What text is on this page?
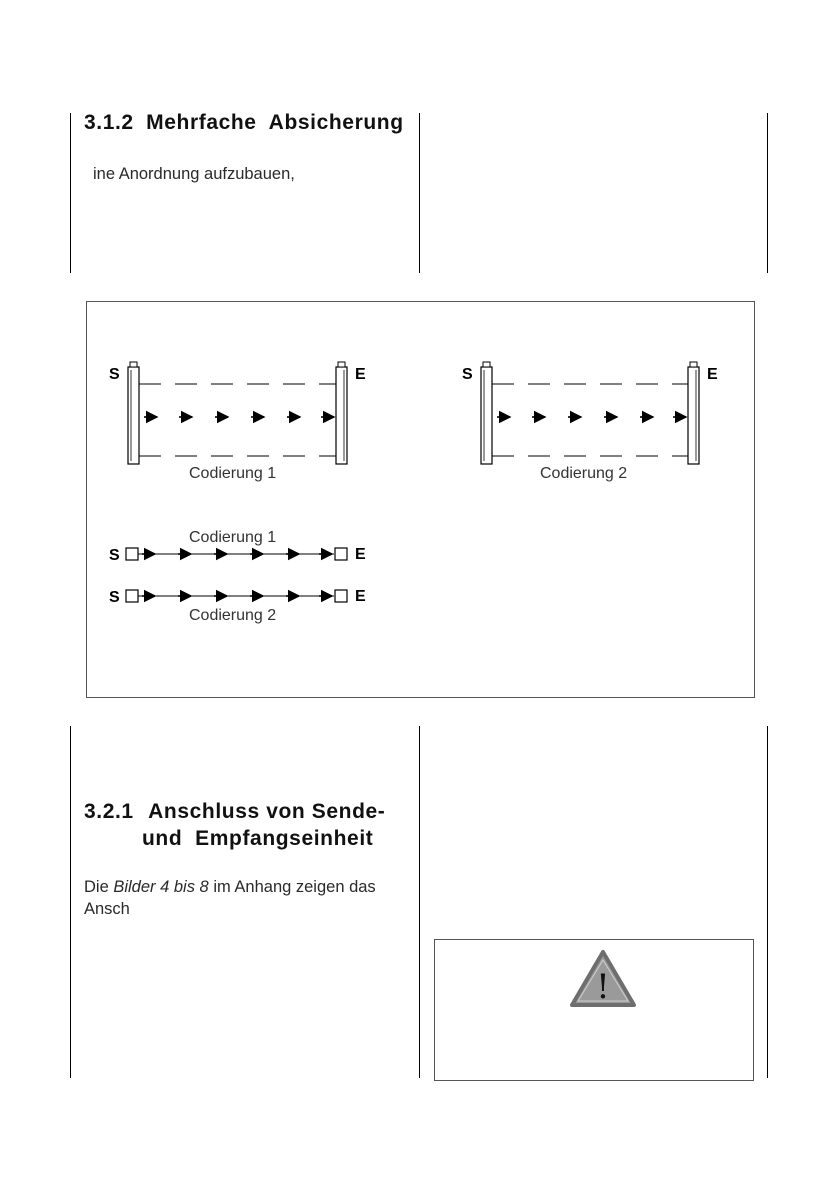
3.1.2 Mehrfache  Absicherung
ine Anordnung aufzubauen,
S	E
Codierung 1
S	E
Codierung 2
Codierung 1
S	E
S	E
Codierung 2
3.2.1 Anschluss von Sende-
und  Empfangseinheit
Die Bilder 4 bis 8 im Anhang zeigen das
Ansch
!
